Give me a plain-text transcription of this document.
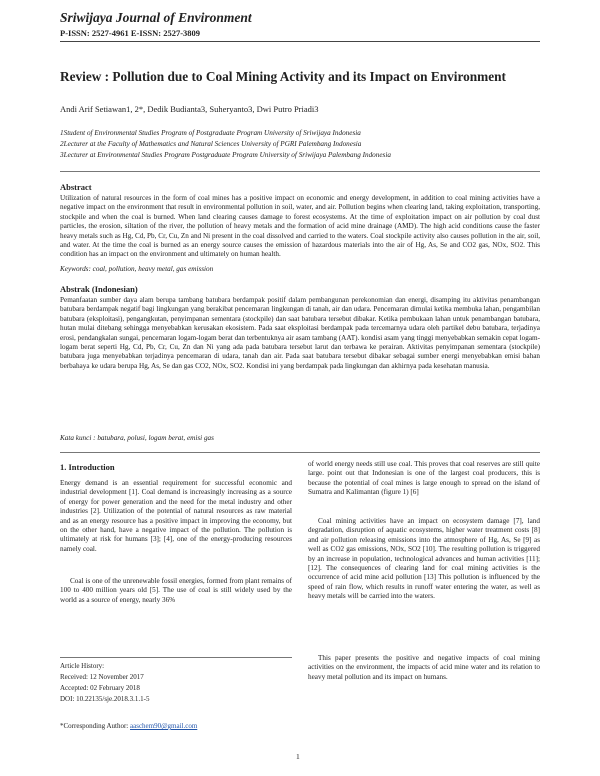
Sriwijaya Journal of Environment
P-ISSN: 2527-4961 E-ISSN: 2527-3809
Review : Pollution due to Coal Mining Activity and its Impact on Environment
Andi Arif Setiawan1, 2*, Dedik Budianta3, Suheryanto3, Dwi Putro Priadi3
1Student of Environmental Studies Program of Postgraduate Program University of Sriwijaya Indonesia
2Lecturer at the Faculty of Mathematics and Natural Sciences University of PGRI Palembang Indonesia
3Lecturer at Environmental Studies Program Postgraduate Program University of Sriwijaya Palembang Indonesia
Abstract

Utilization of natural resources in the form of coal mines has a positive impact on economic and energy development, in addition to coal mining activities have a negative impact on the environment that result in environmental pollution in soil, water, and air. Pollution begins when clearing land, taking exploitation, transporting, stockpile and when the coal is burned. When land clearing causes damage to forest ecosystems. At the time of exploitation impact on air pollution by coal dust particles, the erosion, siltation of the river, the pollution of heavy metals and the formation of acid mine drainage (AMD). The high acid conditions cause the faster heavy metals such as Hg, Cd, Pb, Cr, Cu, Zn and Ni present in the coal dissolved and carried to the waters. Coal stockpile activity also causes pollution in the air, soil, and water. At the time the coal is burned as an energy source causes the emission of hazardous materials into the air of Hg, As, Se and CO2 gas, NOx, SO2. This condition has an impact on the environment and ultimately on human health.

Keywords: coal, pollution, heavy metal, gas emission
Abstrak (Indonesian)

Pemanfaatan sumber daya alam berupa tambang batubara berdampak positif dalam pembangunan perekonomian dan energi, disamping itu aktivitas penambangan batubara berdampak negatif bagi lingkungan yang berakibat pencemaran lingkungan di tanah, air dan udara. Pencemaran dimulai ketika membuka lahan, pengambilan batubara (eksploitasi), pengangkutan, penyimpanan sementara (stockpile) dan saat batubara tersebut dibakar. Ketika pembukaan lahan untuk penambangan batubara, hutan mulai ditebang sehingga menyebabkan kerusakan ekosistem. Pada saat eksploitasi berdampak pada tercemarnya udara oleh partikel debu batubara, terjadinya erosi, pendangkalan sungai, pencemaran logam-logam berat dan terbentuknya air asam tambang (AAT). kondisi asam yang tinggi menyebabkan semakin cepat logam-logam berat seperti Hg, Cd, Pb, Cr, Cu, Zn dan Ni yang ada pada batubara tersebut larut dan terbawa ke perairan. Aktivitas penyimpanan sementara (stockpile) batubara juga menyebabkan terjadinya pencemaran di udara, tanah dan air. Pada saat batubara tersebut dibakar sebagai sumber energi menyebabkan emisi bahan berbahaya ke udara berupa Hg, As, Se dan gas CO2, NOx, SO2. Kondisi ini yang berdampak pada lingkungan dan akhirnya pada kesehatan manusia.

Kata kunci : batubara, polusi, logam berat, emisi gas
1. Introduction

Energy demand is an essential requirement for successful economic and industrial development [1]. Coal demand is increasingly increasing as a source of energy for power generation and the need for the metal industry and other industries [2]. Utilization of the potential of natural resources as raw material and as an energy resource has a positive impact in improving the economy, but on the other hand, have a negative impact of the pollution. The pollution is ultimately at risk for humans [3]; [4], one of the energy-producing resources namely coal.

Coal is one of the unrenewable fossil energies, formed from plant remains of 100 to 400 million years old [5]. The use of coal is still widely used by the world as a source of energy, nearly 36%

of world energy needs still use coal. This proves that coal reserves are still quite large. point out that Indonesian is one of the largest coal producers, this is because the potential of coal mines is large enough to spread on the island of Sumatra and Kalimantan (figure 1) [6]

Coal mining activities have an impact on ecosystem damage [7], land degradation, disruption of aquatic ecosystems, higher water treatment costs [8] and air pollution releasing emissions into the atmosphere of Hg, As, Se [9] as well as CO2 gas emissions, NOx, SO2 [10]. The resulting pollution is triggered by an increase in population, technological advances and human activities [11]; [12]. The consequences of clearing land for coal mining activities is the occurrence of acid mine acid pollution [13] This pollution is influenced by the speed of rain flow, which results in runoff water entering the water, as well as heavy metals will be carried into the waters.

This paper presents the positive and negative impacts of coal mining activities on the environment, the impacts of acid mine water and its relation to heavy metal pollution and its impact on humans.

Article History:
Received: 12 November 2017
Accepted: 02 February 2018
DOI: 10.22135/sje.2018.3.1.1-5
*Corresponding Author: aaschem90@gmail.com
1
